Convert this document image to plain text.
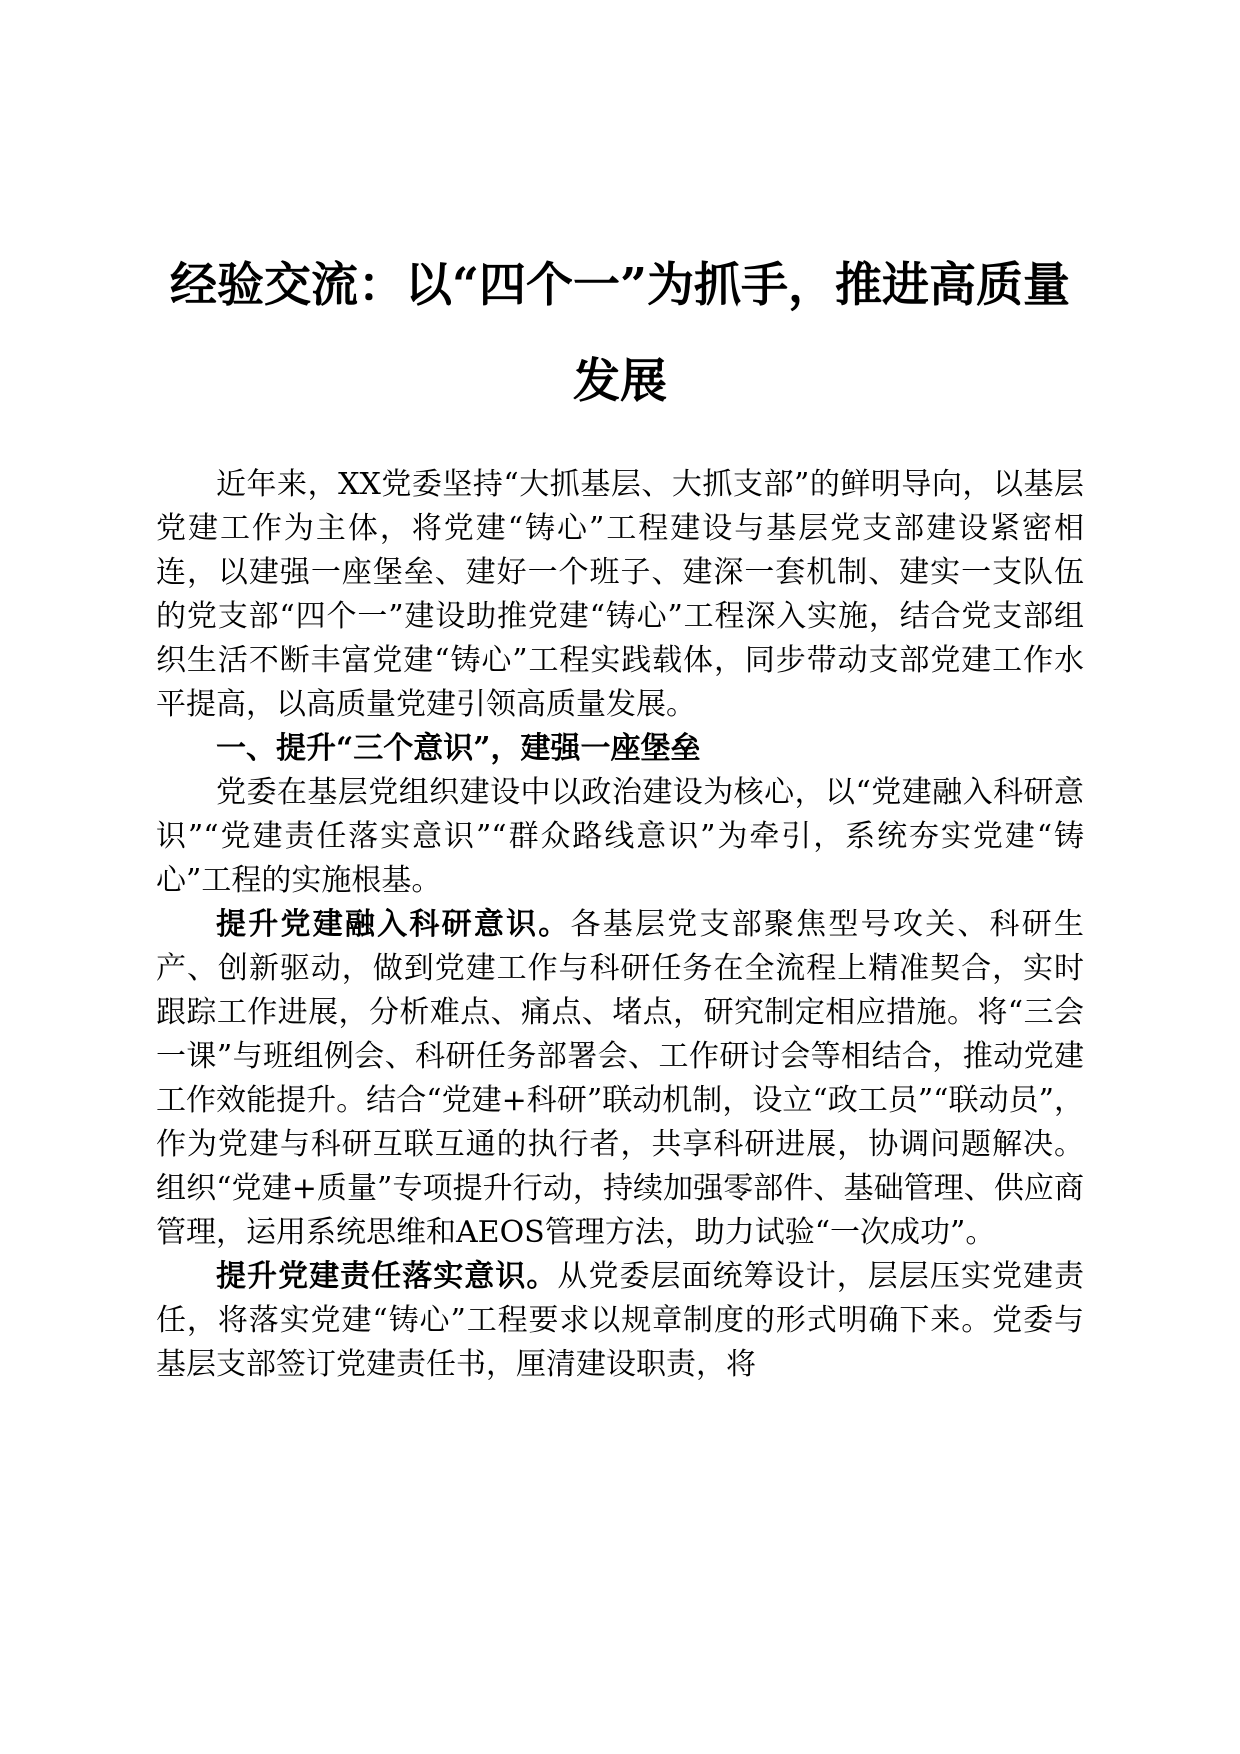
经验交流：以“四个一”为抓手，推进高质量
发展

近年来，XX党委坚持“大抓基层、大抓支部”的鲜明导向，以基层党建工作为主体，将党建“铸心”工程建设与基层党支部建设紧密相连，以建强一座堡垒、建好一个班子、建深一套机制、建实一支队伍的党支部“四个一”建设助推党建“铸心”工程深入实施，结合党支部组织生活不断丰富党建“铸心”工程实践载体，同步带动支部党建工作水平提高，以高质量党建引领高质量发展。

一、提升“三个意识”，建强一座堡垒

党委在基层党组织建设中以政治建设为核心，以“党建融入科研意识”“党建责任落实意识”“群众路线意识”为牵引，系统夯实党建“铸心”工程的实施根基。

提升党建融入科研意识。各基层党支部聚焦型号攻关、科研生产、创新驱动，做到党建工作与科研任务在全流程上精准契合，实时跟踪工作进展，分析难点、痛点、堵点，研究制定相应措施。将“三会一课”与班组例会、科研任务部署会、工作研讨会等相结合，推动党建工作效能提升。结合“党建+科研”联动机制，设立“政工员”“联动员”，作为党建与科研互联互通的执行者，共享科研进展，协调问题解决。组织“党建+质量”专项提升行动，持续加强零部件、基础管理、供应商管理，运用系统思维和AEOS管理方法，助力试验“一次成功”。

提升党建责任落实意识。从党委层面统筹设计，层层压实党建责任，将落实党建“铸心”工程要求以规章制度的形式明确下来。党委与基层支部签订党建责任书，厘清建设职责，将
